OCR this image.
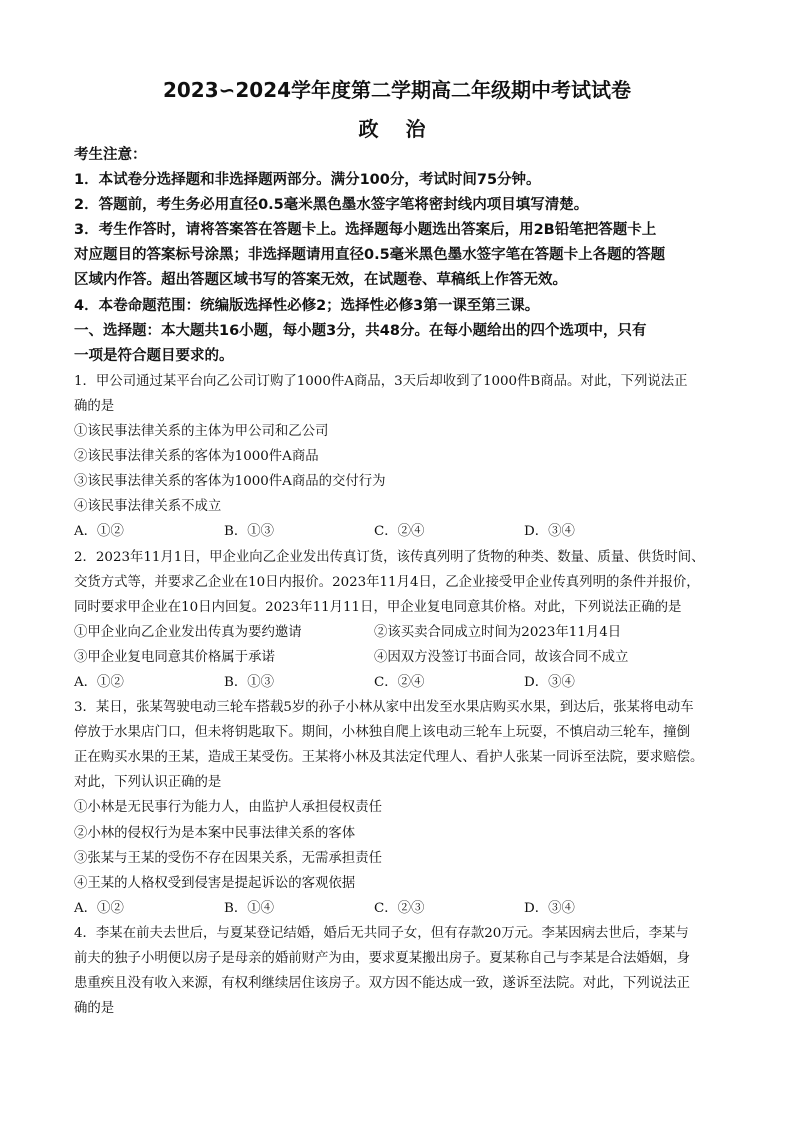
2023∽2024学年度第二学期高二年级期中考试试卷
政 治
考生注意：
1．本试卷分选择题和非选择题两部分。满分100分，考试时间75分钟。
2．答题前，考生务必用直径0.5毫米黑色墨水签字笔将密封线内项目填写清楚。
3．考生作答时，请将答案答在答题卡上。选择题每小题选出答案后，用2B铅笔把答题卡上
对应题目的答案标号涂黑；非选择题请用直径0.5毫米黑色墨水签字笔在答题卡上各题的答题
区域内作答。超出答题区域书写的答案无效，在试题卷、草稿纸上作答无效。
4．本卷命题范围：统编版选择性必修2；选择性必修3第一课至第三课。
一、选择题：本大题共16小题，每小题3分，共48分。在每小题给出的四个选项中，只有
一项是符合题目要求的。
1．甲公司通过某平台向乙公司订购了1000件A商品，3天后却收到了1000件B商品。对此，下列说法正
确的是
①该民事法律关系的主体为甲公司和乙公司
②该民事法律关系的客体为1000件A商品
③该民事法律关系的客体为1000件A商品的交付行为
④该民事法律关系不成立
A．①②	B．①③	C．②④	D．③④
2．2023年11月1日，甲企业向乙企业发出传真订货，该传真列明了货物的种类、数量、质量、供货时间、
交货方式等，并要求乙企业在10日内报价。2023年11月4日，乙企业接受甲企业传真列明的条件并报价，
同时要求甲企业在10日内回复。2023年11月11日，甲企业复电同意其价格。对此，下列说法正确的是
①甲企业向乙企业发出传真为要约邀请	②该买卖合同成立时间为2023年11月4日
③甲企业复电同意其价格属于承诺	④因双方没签订书面合同，故该合同不成立
A．①②	B．①③	C．②④	D．③④
3．某日，张某驾驶电动三轮车搭载5岁的孙子小林从家中出发至水果店购买水果，到达后，张某将电动车
停放于水果店门口，但未将钥匙取下。期间，小林独自爬上该电动三轮车上玩耍，不慎启动三轮车，撞倒
正在购买水果的王某，造成王某受伤。王某将小林及其法定代理人、看护人张某一同诉至法院，要求赔偿。
对此，下列认识正确的是
①小林是无民事行为能力人，由监护人承担侵权责任
②小林的侵权行为是本案中民事法律关系的客体
③张某与王某的受伤不存在因果关系，无需承担责任
④王某的人格权受到侵害是提起诉讼的客观依据
A．①②	B．①④	C．②③	D．③④
4．李某在前夫去世后，与夏某登记结婚，婚后无共同子女，但有存款20万元。李某因病去世后，李某与
前夫的独子小明便以房子是母亲的婚前财产为由，要求夏某搬出房子。夏某称自己与李某是合法婚姻，身
患重疾且没有收入来源，有权利继续居住该房子。双方因不能达成一致，遂诉至法院。对此，下列说法正
确的是
